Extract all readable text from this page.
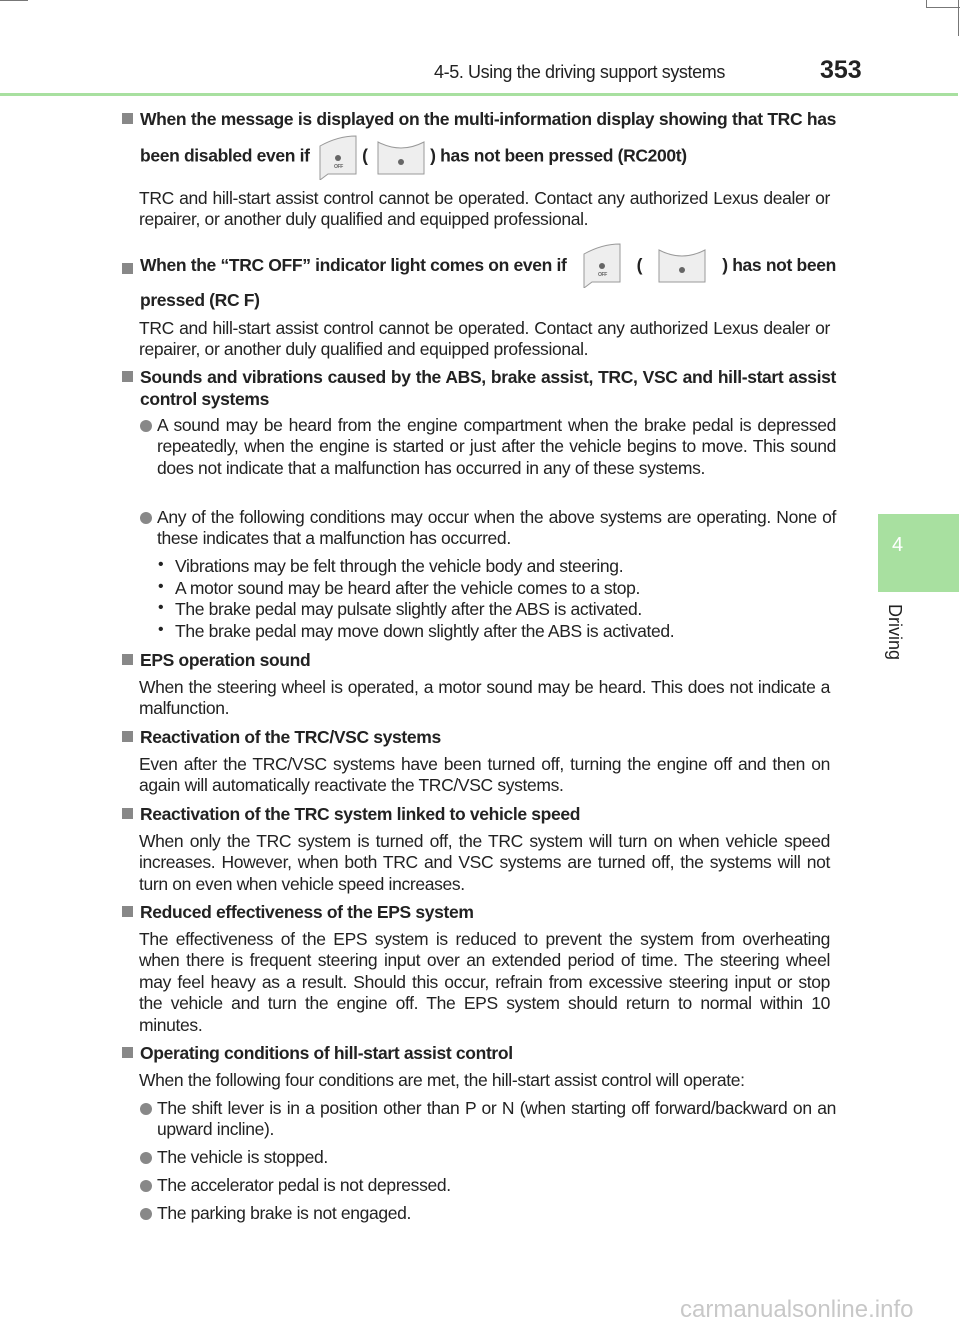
4-5. Using the driving support systems	353
4
Driving
When the message is displayed on the multi-information display showing that TRC has
been disabled even if
OFF
(	) has not been pressed (RC200t)
TRC and hill-start assist control cannot be operated. Contact any authorized Lexus dealer or repairer, or another duly qualified and equipped professional.
When the “TRC OFF” indicator light comes on even if	OFF (	) has not been
pressed (RC F)
TRC and hill-start assist control cannot be operated. Contact any authorized Lexus dealer or repairer, or another duly qualified and equipped professional.
Sounds and vibrations caused by the ABS, brake assist, TRC, VSC and hill-start assist control systems
A sound may be heard from the engine compartment when the brake pedal is depressed repeatedly, when the engine is started or just after the vehicle begins to move. This sound does not indicate that a malfunction has occurred in any of these systems.
Any of the following conditions may occur when the above systems are operating. None of these indicates that a malfunction has occurred.
• Vibrations may be felt through the vehicle body and steering.
• A motor sound may be heard after the vehicle comes to a stop.
• The brake pedal may pulsate slightly after the ABS is activated.
• The brake pedal may move down slightly after the ABS is activated.
EPS operation sound
When the steering wheel is operated, a motor sound may be heard. This does not indicate a malfunction.
Reactivation of the TRC/VSC systems
Even after the TRC/VSC systems have been turned off, turning the engine off and then on again will automatically reactivate the TRC/VSC systems.
Reactivation of the TRC system linked to vehicle speed
When only the TRC system is turned off, the TRC system will turn on when vehicle speed increases. However, when both TRC and VSC systems are turned off, the systems will not turn on even when vehicle speed increases.
Reduced effectiveness of the EPS system
The effectiveness of the EPS system is reduced to prevent the system from overheating when there is frequent steering input over an extended period of time. The steering wheel may feel heavy as a result. Should this occur, refrain from excessive steering input or stop the vehicle and turn the engine off. The EPS system should return to normal within 10 minutes.
Operating conditions of hill-start assist control
When the following four conditions are met, the hill-start assist control will operate:
The shift lever is in a position other than P or N (when starting off forward/backward on an upward incline).
The vehicle is stopped.
The accelerator pedal is not depressed.
The parking brake is not engaged.
carmanualsonline.info
